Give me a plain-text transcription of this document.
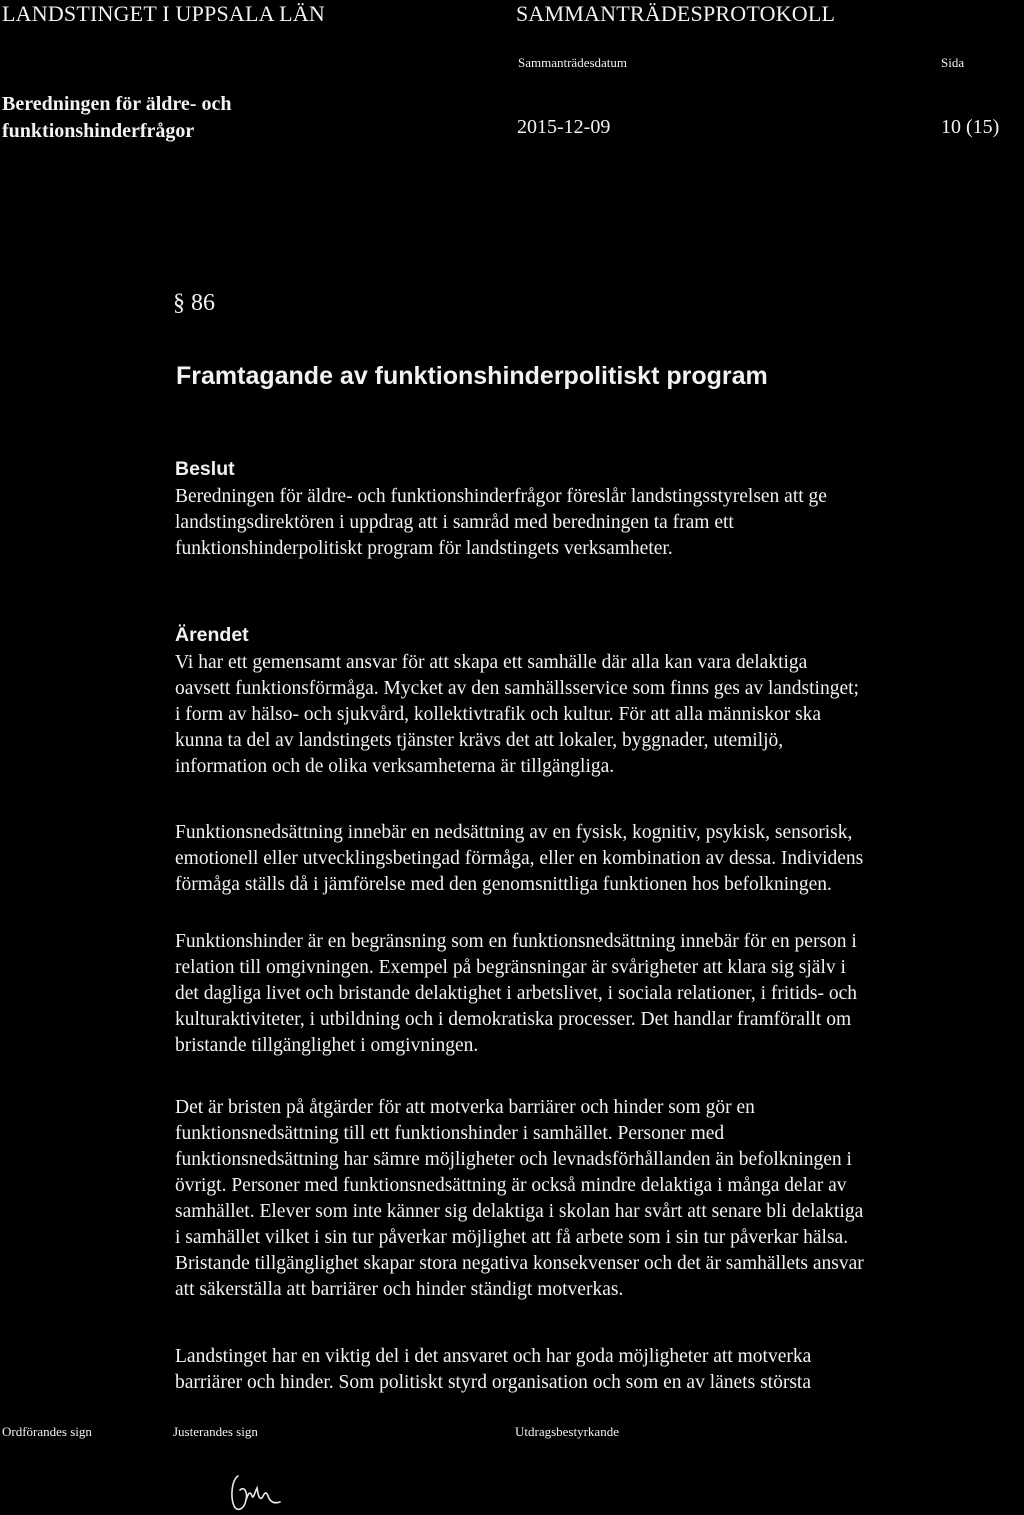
LANDSTINGET I UPPSALA LÄN	SAMMANTRÄDESPROTOKOLL
Sammanträdesdatum	Sida
Beredningen för äldre- och
funktionshinderfrågor	2015-12-09	10 (15)
§ 86
Framtagande av funktionshinderpolitiskt program
Beslut

Beredningen för äldre- och funktionshinderfrågor föreslår landstingsstyrelsen att ge
landstingsdirektören i uppdrag att i samråd med beredningen ta fram ett
funktionshinderpolitiskt program för landstingets verksamheter.

Ärendet

Vi har ett gemensamt ansvar för att skapa ett samhälle där alla kan vara delaktiga
oavsett funktionsförmåga. Mycket av den samhällsservice som finns ges av landstinget;
i form av hälso- och sjukvård, kollektivtrafik och kultur. För att alla människor ska
kunna ta del av landstingets tjänster krävs det att lokaler, byggnader, utemiljö,
information och de olika verksamheterna är tillgängliga.

Funktionsnedsättning innebär en nedsättning av en fysisk, kognitiv, psykisk, sensorisk,
emotionell eller utvecklingsbetingad förmåga, eller en kombination av dessa. Individens
förmåga ställs då i jämförelse med den genomsnittliga funktionen hos befolkningen.

Funktionshinder är en begränsning som en funktionsnedsättning innebär för en person i
relation till omgivningen. Exempel på begränsningar är svårigheter att klara sig själv i
det dagliga livet och bristande delaktighet i arbetslivet, i sociala relationer, i fritids- och
kulturaktiviteter, i utbildning och i demokratiska processer. Det handlar framförallt om
bristande tillgänglighet i omgivningen.

Det är bristen på åtgärder för att motverka barriärer och hinder som gör en
funktionsnedsättning till ett funktionshinder i samhället. Personer med
funktionsnedsättning har sämre möjligheter och levnadsförhållanden än befolkningen i
övrigt. Personer med funktionsnedsättning är också mindre delaktiga i många delar av
samhället. Elever som inte känner sig delaktiga i skolan har svårt att senare bli delaktiga
i samhället vilket i sin tur påverkar möjlighet att få arbete som i sin tur påverkar hälsa.
Bristande tillgänglighet skapar stora negativa konsekvenser och det är samhällets ansvar
att säkerställa att barriärer och hinder ständigt motverkas.

Landstinget har en viktig del i det ansvaret och har goda möjligheter att motverka
barriärer och hinder. Som politiskt styrd organisation och som en av länets största

Ordförandes sign	Justerandes sign	Utdragsbestyrkande
